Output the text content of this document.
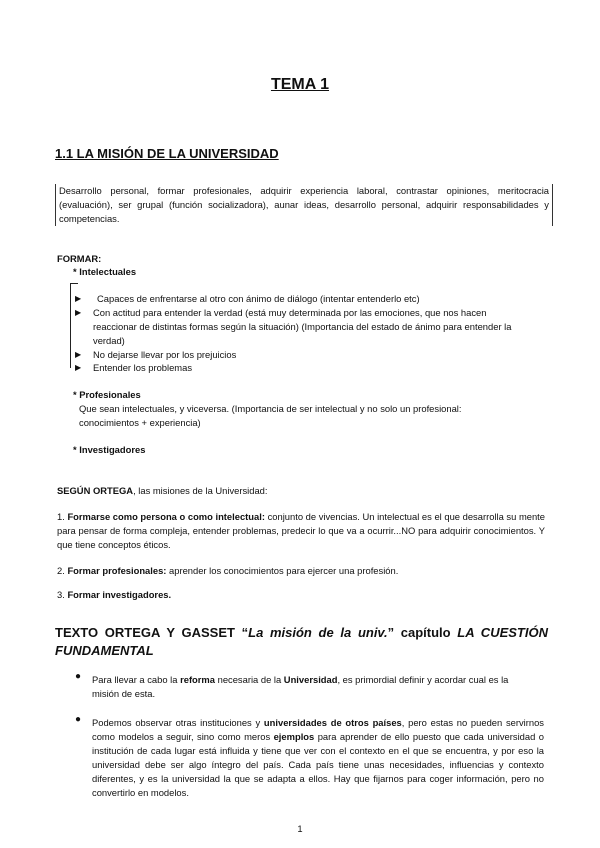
TEMA 1
1.1 LA MISIÓN DE LA UNIVERSIDAD
Desarrollo personal, formar profesionales, adquirir experiencia laboral, contrastar opiniones, meritocracia (evaluación), ser grupal (función socializadora), aunar ideas, desarrollo personal, adquirir responsabilidades y competencias.
FORMAR:
* Intelectuales
▶ Capaces de enfrentarse al otro con ánimo de diálogo (intentar entenderlo etc)
▶ Con actitud para entender la verdad (está muy determinada por las emociones, que nos hacen reaccionar de distintas formas según la situación) (Importancia del estado de ánimo para entender la verdad)
▶ No dejarse llevar por los prejuicios
▶ Entender los problemas
* Profesionales
Que sean intelectuales, y viceversa. (Importancia de ser intelectual y no solo un profesional: conocimientos + experiencia)
* Investigadores
SEGÚN ORTEGA, las misiones de la Universidad:
1. Formarse como persona o como intelectual: conjunto de vivencias. Un intelectual es el que desarrolla su mente para pensar de forma compleja, entender problemas, predecir lo que va a ocurrir...NO para adquirir conocimientos. Y que tiene conceptos éticos.
2. Formar profesionales: aprender los conocimientos para ejercer una profesión.
3. Formar investigadores.
TEXTO ORTEGA Y GASSET “La misión de la univ.” capítulo LA CUESTIÓN FUNDAMENTAL
● Para llevar a cabo la reforma necesaria de la Universidad, es primordial definir y acordar cual es la misión de esta.
● Podemos observar otras instituciones y universidades de otros países, pero estas no pueden servirnos como modelos a seguir, sino como meros ejemplos para aprender de ello puesto que cada universidad o institución de cada lugar está influida y tiene que ver con el contexto en el que se encuentra, y por eso la universidad debe ser algo íntegro del país. Cada país tiene unas necesidades, influencias y contexto diferentes, y es la universidad la que se adapta a ellos. Hay que fijarnos para coger información, pero no convertirlo en modelos.
1
